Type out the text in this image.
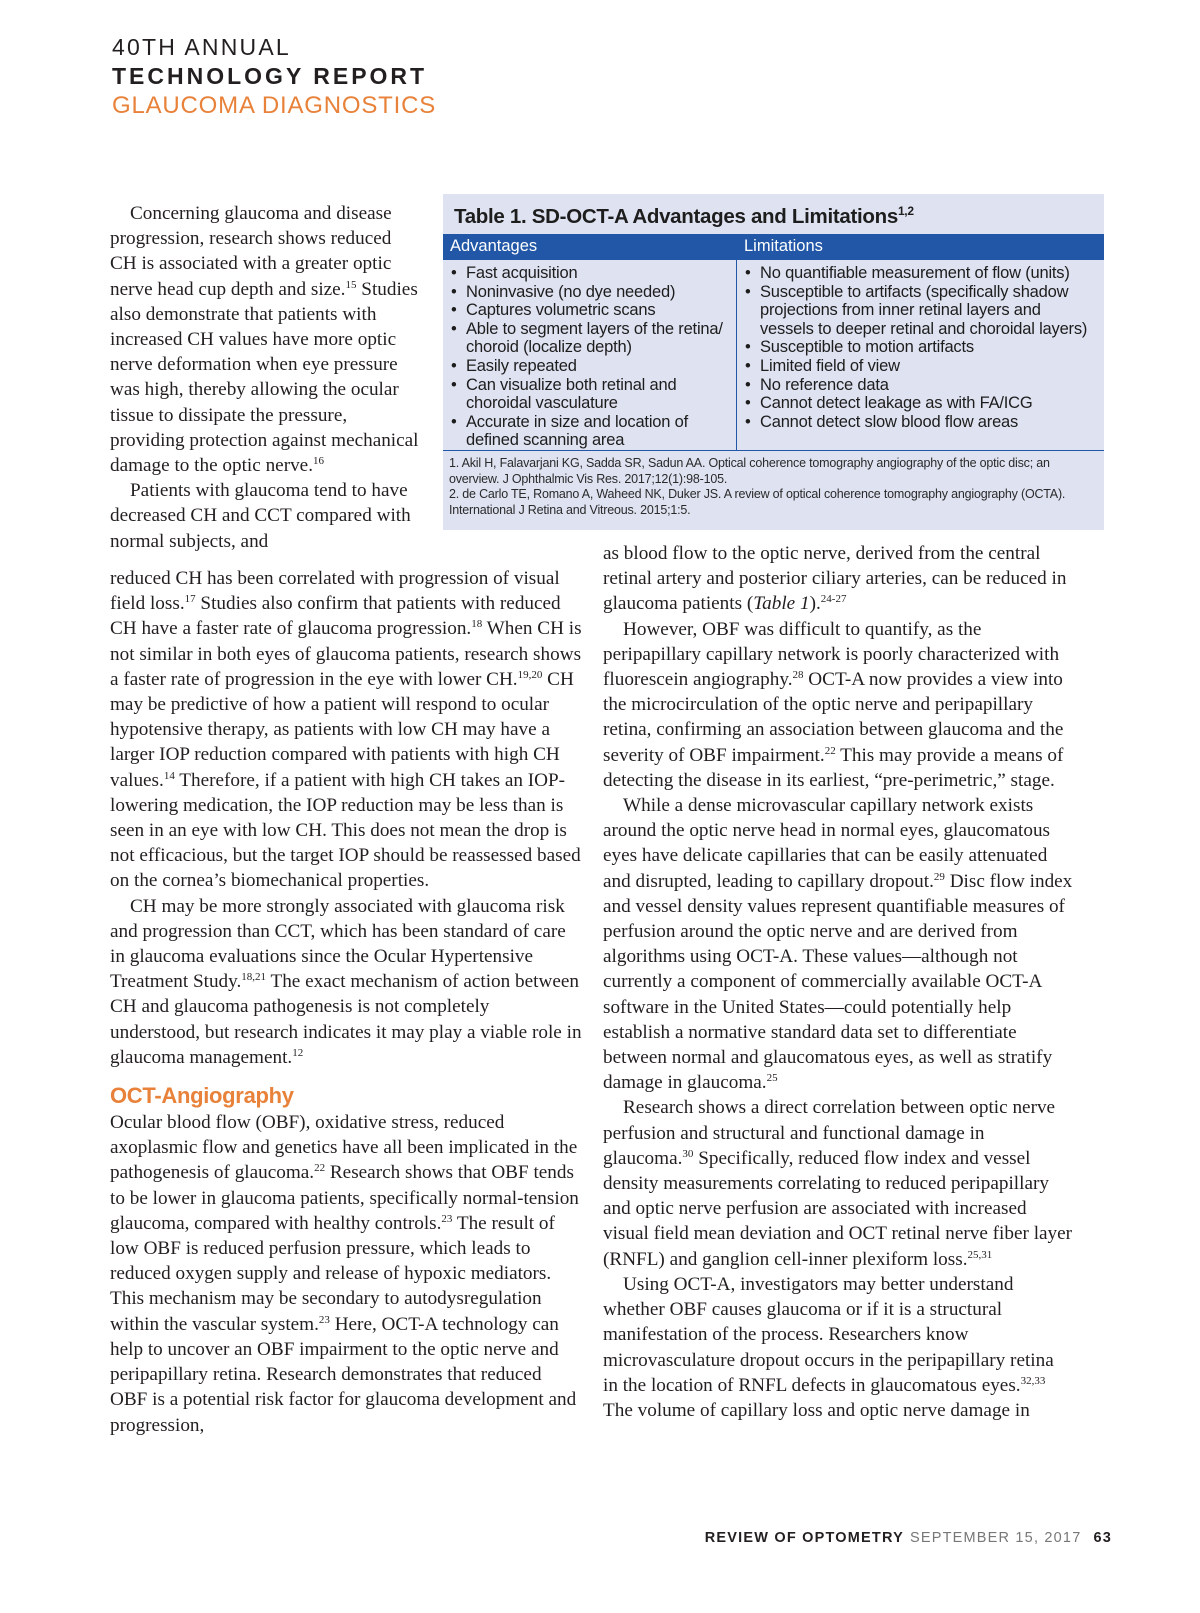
40TH ANNUAL
TECHNOLOGY REPORT
GLAUCOMA DIAGNOSTICS

Concerning glaucoma and disease progression, research shows reduced CH is associated with a greater optic nerve head cup depth and size.$^{15}$ Studies also demonstrate that patients with increased CH values have more optic nerve deformation when eye pressure was high, thereby allowing the ocular tissue to dissipate the pressure, providing protection against mechanical damage to the optic nerve.$^{16}$

Patients with glaucoma tend to have decreased CH and CCT compared with normal subjects, and

reduced CH has been correlated with progression of visual field loss.$^{17}$ Studies also confirm that patients with reduced CH have a faster rate of glaucoma progression.$^{18}$ When CH is not similar in both eyes of glaucoma patients, research shows a faster rate of progression in the eye with lower CH.$^{19,20}$ CH may be predictive of how a patient will respond to ocular hypotensive therapy, as patients with low CH may have a larger IOP reduction compared with patients with high CH values.$^{14}$ Therefore, if a patient with high CH takes an IOP-lowering medication, the IOP reduction may be less than is seen in an eye with low CH. This does not mean the drop is not efficacious, but the target IOP should be reassessed based on the cornea’s biomechanical properties.

CH may be more strongly associated with glaucoma risk and progression than CCT, which has been standard of care in glaucoma evaluations since the Ocular Hypertensive Treatment Study.$^{18,21}$ The exact mechanism of action between CH and glaucoma pathogenesis is not completely understood, but research indicates it may play a viable role in glaucoma management.$^{12}$

OCT-Angiography

Ocular blood flow (OBF), oxidative stress, reduced axoplasmic flow and genetics have all been implicated in the pathogenesis of glaucoma.$^{22}$ Research shows that OBF tends to be lower in glaucoma patients, specifically normal-tension glaucoma, compared with healthy controls.$^{23}$ The result of low OBF is reduced perfusion pressure, which leads to reduced oxygen supply and release of hypoxic mediators. This mechanism may be secondary to autodysregulation within the vascular system.$^{23}$ Here, OCT-A technology can help to uncover an OBF impairment to the optic nerve and peripapillary retina. Research demonstrates that reduced OBF is a potential risk factor for glaucoma development and progression,

as blood flow to the optic nerve, derived from the central retinal artery and posterior ciliary arteries, can be reduced in glaucoma patients (Table 1).$^{24-27}$

However, OBF was difficult to quantify, as the peripapillary capillary network is poorly characterized with fluorescein angiography.$^{28}$ OCT-A now provides a view into the microcirculation of the optic nerve and peripapillary retina, confirming an association between glaucoma and the severity of OBF impairment.$^{22}$ This may provide a means of detecting the disease in its earliest, “pre-perimetric,” stage.

While a dense microvascular capillary network exists around the optic nerve head in normal eyes, glaucomatous eyes have delicate capillaries that can be easily attenuated and disrupted, leading to capillary dropout.$^{29}$ Disc flow index and vessel density values represent quantifiable measures of perfusion around the optic nerve and are derived from algorithms using OCT-A. These values—although not currently a component of commercially available OCT-A software in the United States—could potentially help establish a normative standard data set to differentiate between normal and glaucomatous eyes, as well as stratify damage in glaucoma.$^{25}$

Research shows a direct correlation between optic nerve perfusion and structural and functional damage in glaucoma.$^{30}$ Specifically, reduced flow index and vessel density measurements correlating to reduced peripapillary and optic nerve perfusion are associated with increased visual field mean deviation and OCT retinal nerve fiber layer (RNFL) and ganglion cell-inner plexiform loss.$^{25,31}$

Using OCT-A, investigators may better understand whether OBF causes glaucoma or if it is a structural manifestation of the process. Researchers know microvasculature dropout occurs in the peripapillary retina in the location of RNFL defects in glaucomatous eyes.$^{32,33}$ The volume of capillary loss and optic nerve damage in

Table 1. SD-OCT-A Advantages and Limitations$^{1,2}$
Advantages	Limitations
• Fast acquisition
• Noninvasive (no dye needed)
• Captures volumetric scans
• Able to segment layers of the retina/ choroid (localize depth)
• Easily repeated
• Can visualize both retinal and choroidal vasculature
• Accurate in size and location of defined scanning area
• No quantifiable measurement of flow (units)
• Susceptible to artifacts (specifically shadow projections from inner retinal layers and vessels to deeper retinal and choroidal layers)
• Susceptible to motion artifacts
• Limited field of view
• No reference data
• Cannot detect leakage as with FA/ICG
• Cannot detect slow blood flow areas
1. Akil H, Falavarjani KG, Sadda SR, Sadun AA. Optical coherence tomography angiography of the optic disc; an overview. J Ophthalmic Vis Res. 2017;12(1):98-105.
2. de Carlo TE, Romano A, Waheed NK, Duker JS. A review of optical coherence tomography angiography (OCTA). International J Retina and Vitreous. 2015;1:5.
REVIEW OF OPTOMETRY SEPTEMBER 15, 2017 63
